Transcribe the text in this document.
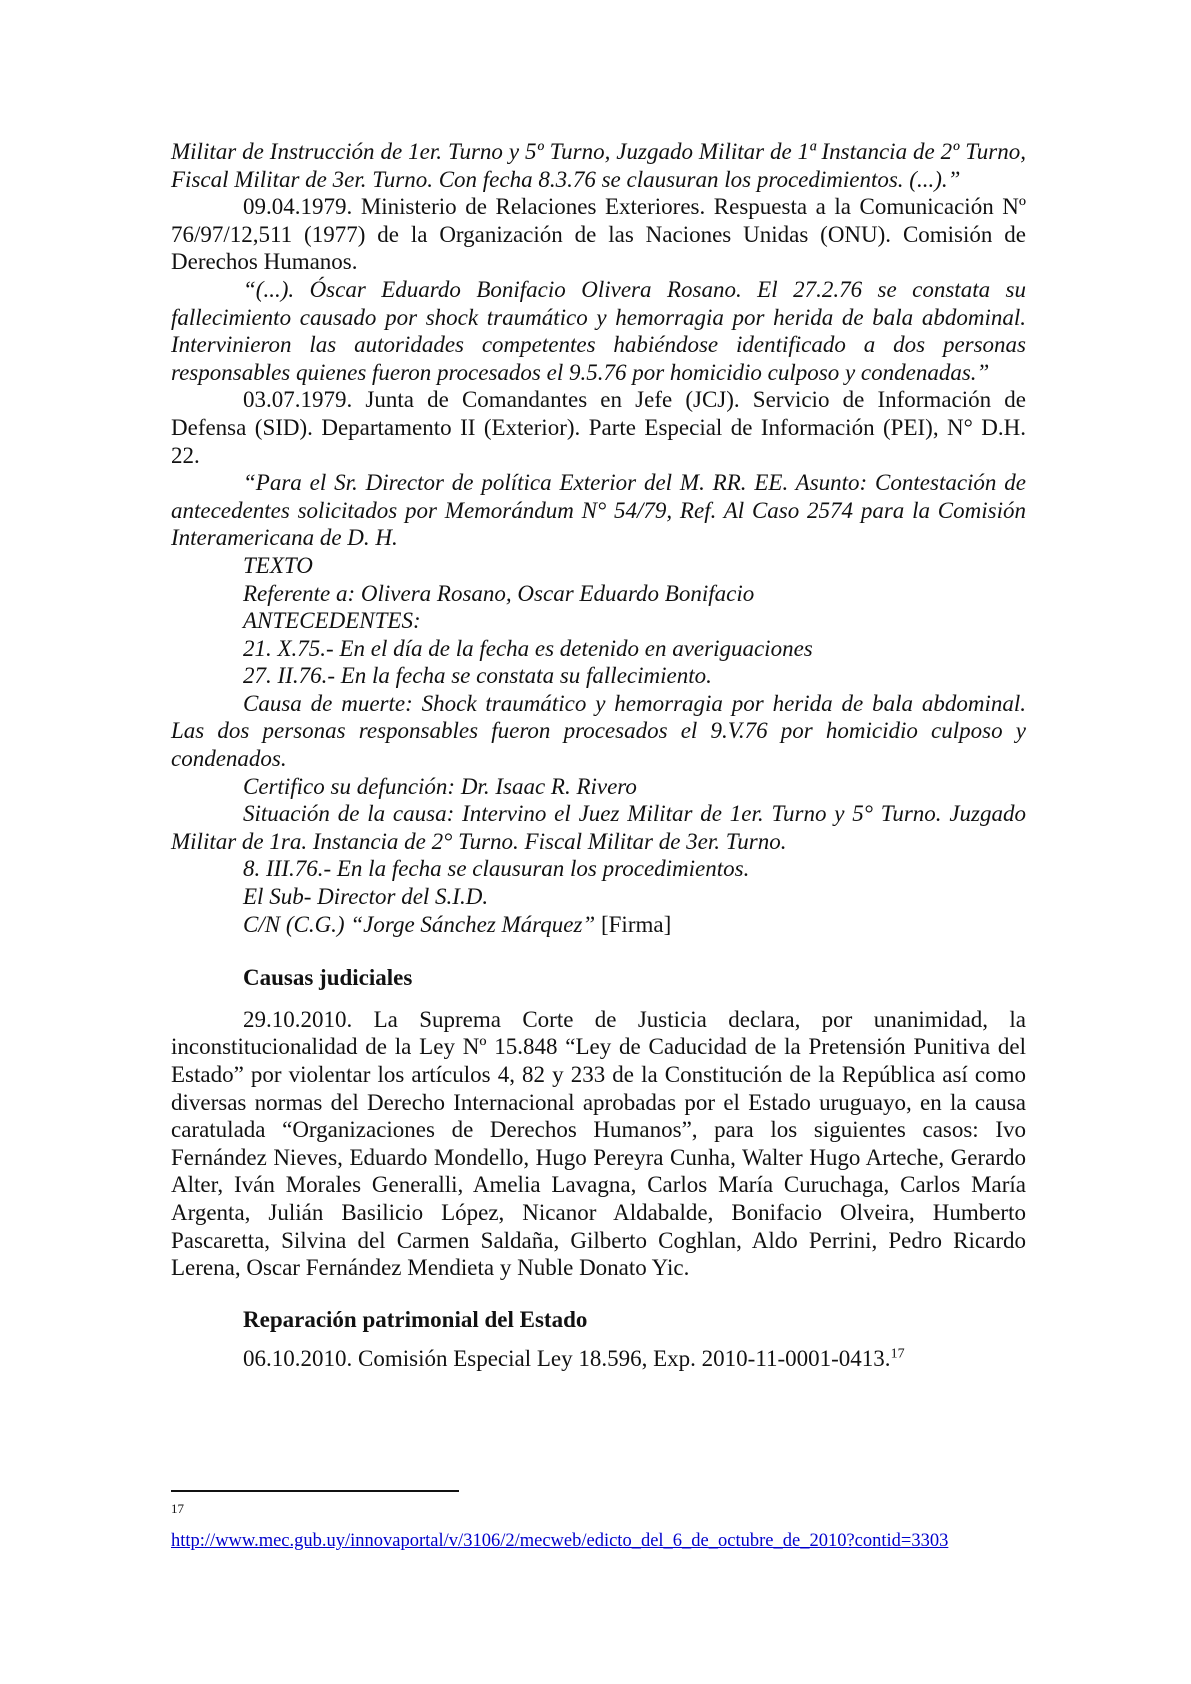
Militar de Instrucción de 1er. Turno y 5º Turno, Juzgado Militar de 1ª Instancia de 2º Turno, Fiscal Militar de 3er. Turno. Con fecha 8.3.76 se clausuran los procedimientos. (...).”

09.04.1979. Ministerio de Relaciones Exteriores. Respuesta a la Comunicación Nº 76/97/12,511 (1977) de la Organización de las Naciones Unidas (ONU). Comisión de Derechos Humanos.

“(...). Óscar Eduardo Bonifacio Olivera Rosano. El 27.2.76 se constata su fallecimiento causado por shock traumático y hemorragia por herida de bala abdominal. Intervinieron las autoridades competentes habiéndose identificado a dos personas responsables quienes fueron procesados el 9.5.76 por homicidio culposo y condenadas.”

03.07.1979. Junta de Comandantes en Jefe (JCJ). Servicio de Información de Defensa (SID). Departamento II (Exterior). Parte Especial de Información (PEI), N° D.H. 22.

“Para el Sr. Director de política Exterior del M. RR. EE. Asunto: Contestación de antecedentes solicitados por Memorándum N° 54/79, Ref. Al Caso 2574 para la Comisión Interamericana de D. H.

TEXTO

Referente a: Olivera Rosano, Oscar Eduardo Bonifacio

ANTECEDENTES:

21. X.75.- En el día de la fecha es detenido en averiguaciones

27. II.76.- En la fecha se constata su fallecimiento.

Causa de muerte: Shock traumático y hemorragia por herida de bala abdominal. Las dos personas responsables fueron procesados el 9.V.76 por homicidio culposo y condenados.

Certifico su defunción: Dr. Isaac R. Rivero

Situación de la causa: Intervino el Juez Militar de 1er. Turno y 5° Turno. Juzgado Militar de 1ra. Instancia de 2° Turno. Fiscal Militar de 3er. Turno.

8. III.76.- En la fecha se clausuran los procedimientos.

El Sub- Director del S.I.D.

C/N (C.G.) “Jorge Sánchez Márquez” [Firma]

Causas judiciales

29.10.2010. La Suprema Corte de Justicia declara, por unanimidad, la inconstitucionalidad de la Ley Nº 15.848 “Ley de Caducidad de la Pretensión Punitiva del Estado” por violentar los artículos 4, 82 y 233 de la Constitución de la República así como diversas normas del Derecho Internacional aprobadas por el Estado uruguayo, en la causa caratulada “Organizaciones de Derechos Humanos”, para los siguientes casos: Ivo Fernández Nieves, Eduardo Mondello, Hugo Pereyra Cunha, Walter Hugo Arteche, Gerardo Alter, Iván Morales Generalli, Amelia Lavagna, Carlos María Curuchaga, Carlos María Argenta, Julián Basilicio López, Nicanor Aldabalde, Bonifacio Olveira, Humberto Pascaretta, Silvina del Carmen Saldaña, Gilberto Coghlan, Aldo Perrini, Pedro Ricardo Lerena, Oscar Fernández Mendieta y Nuble Donato Yic.

Reparación patrimonial del Estado

06.10.2010. Comisión Especial Ley 18.596, Exp. 2010-11-0001-0413.17

17
http://www.mec.gub.uy/innovaportal/v/3106/2/mecweb/edicto_del_6_de_octubre_de_2010?contid=3303
